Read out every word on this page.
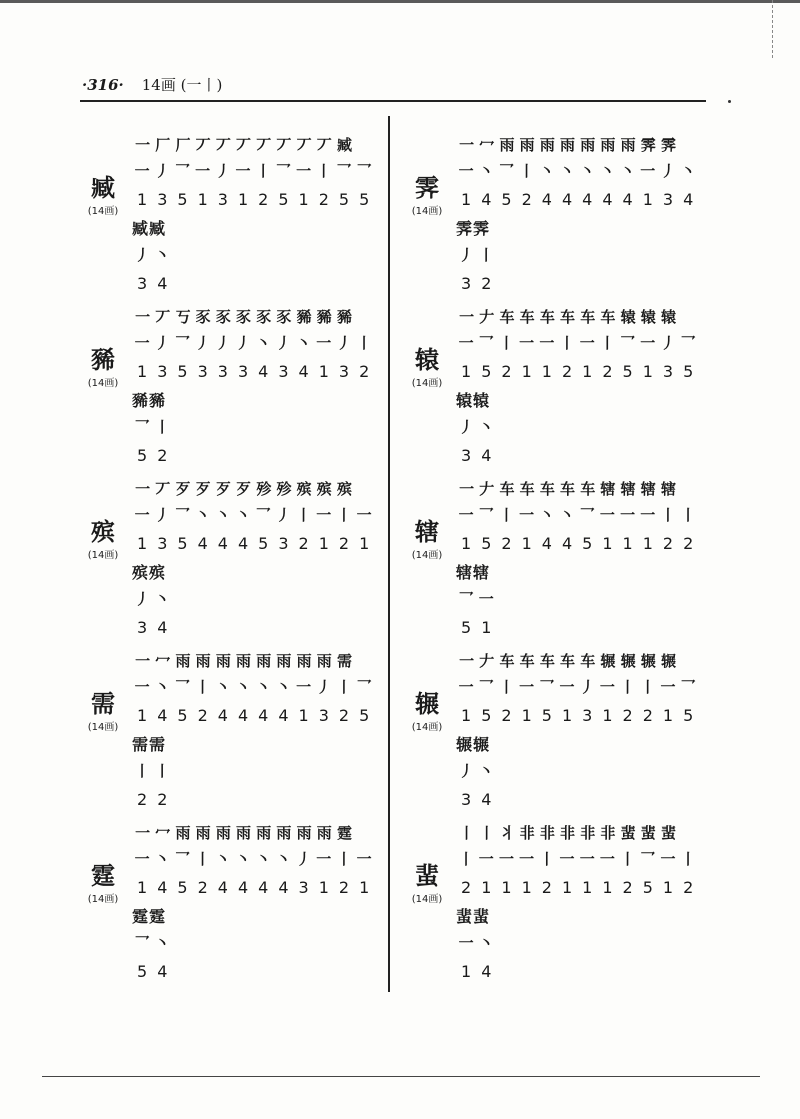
·316· 14画 (一丨)
臧
(14画)
一 厂 厂 丆 丆 丆 丆 丆 丆 丆 臧
一 丿 乛 一 丿 一 丨 乛 一 丨 乛 乛
1 3 5 1 3 1 2 5 1 2 5 5
丿 丶
3 4
臧臧
豨
(14画)
一 丆 丂 豕 豕 豕 豕 豕 豨 豨 豨
一 丿 乛 丿 丿 丿 丶 丿 丶 一 丿 丨
1 3 5 3 3 3 4 3 4 1 3 2
乛 丨
5 2
豨豨
殡
(14画)
一 丆 歹 歹 歹 歹 殄 殄 殡 殡 殡
一 丿 乛 丶 丶 丶 乛 丿 丨 一 丨 一
1 3 5 4 4 4 5 3 2 1 2 1
丿 丶
3 4
殡殡
需
(14画)
一 冖 雨 雨 雨 雨 雨 雨 雨 雨 需
一 丶 乛 丨 丶 丶 丶 丶 一 丿 丨 乛
1 4 5 2 4 4 4 4 1 3 2 5
丨 丨
2 2
需需
霆
(14画)
一 冖 雨 雨 雨 雨 雨 雨 雨 雨 霆
一 丶 乛 丨 丶 丶 丶 丶 丿 一 丨 一
1 4 5 2 4 4 4 4 3 1 2 1
乛 丶
5 4
霆霆
霁
(14画)
一 冖 雨 雨 雨 雨 雨 雨 雨 霁 霁
一 丶 乛 丨 丶 丶 丶 丶 丶 一 丿 丶
1 4 5 2 4 4 4 4 4 1 3 4
丿 丨
3 2
霁霁
辕
(14画)
一 𠂇 车 车 车 车 车 车 辕 辕 辕
一 乛 丨 一 一 丨 一 丨 乛 一 丿 乛
1 5 2 1 1 2 1 2 5 1 3 5
丿 丶
3 4
辕辕
辖
(14画)
一 𠂇 车 车 车 车 车 辖 辖 辖 辖
一 乛 丨 一 丶 丶 乛 一 一 一 丨 丨
1 5 2 1 4 4 5 1 1 1 2 2
乛 一
5 1
辖辖
辗
(14画)
一 𠂇 车 车 车 车 车 辗 辗 辗 辗
一 乛 丨 一 乛 一 丿 一 丨 丨 一 乛
1 5 2 1 5 1 3 1 2 2 1 5
丿 丶
3 4
辗辗
蜚
(14画)
丨 丨 丬 非 非 非 非 非 蜚 蜚 蜚
丨 一 一 一 丨 一 一 一 丨 乛 一 丨
2 1 1 1 2 1 1 1 2 5 1 2
一 丶
1 4
蜚蜚
